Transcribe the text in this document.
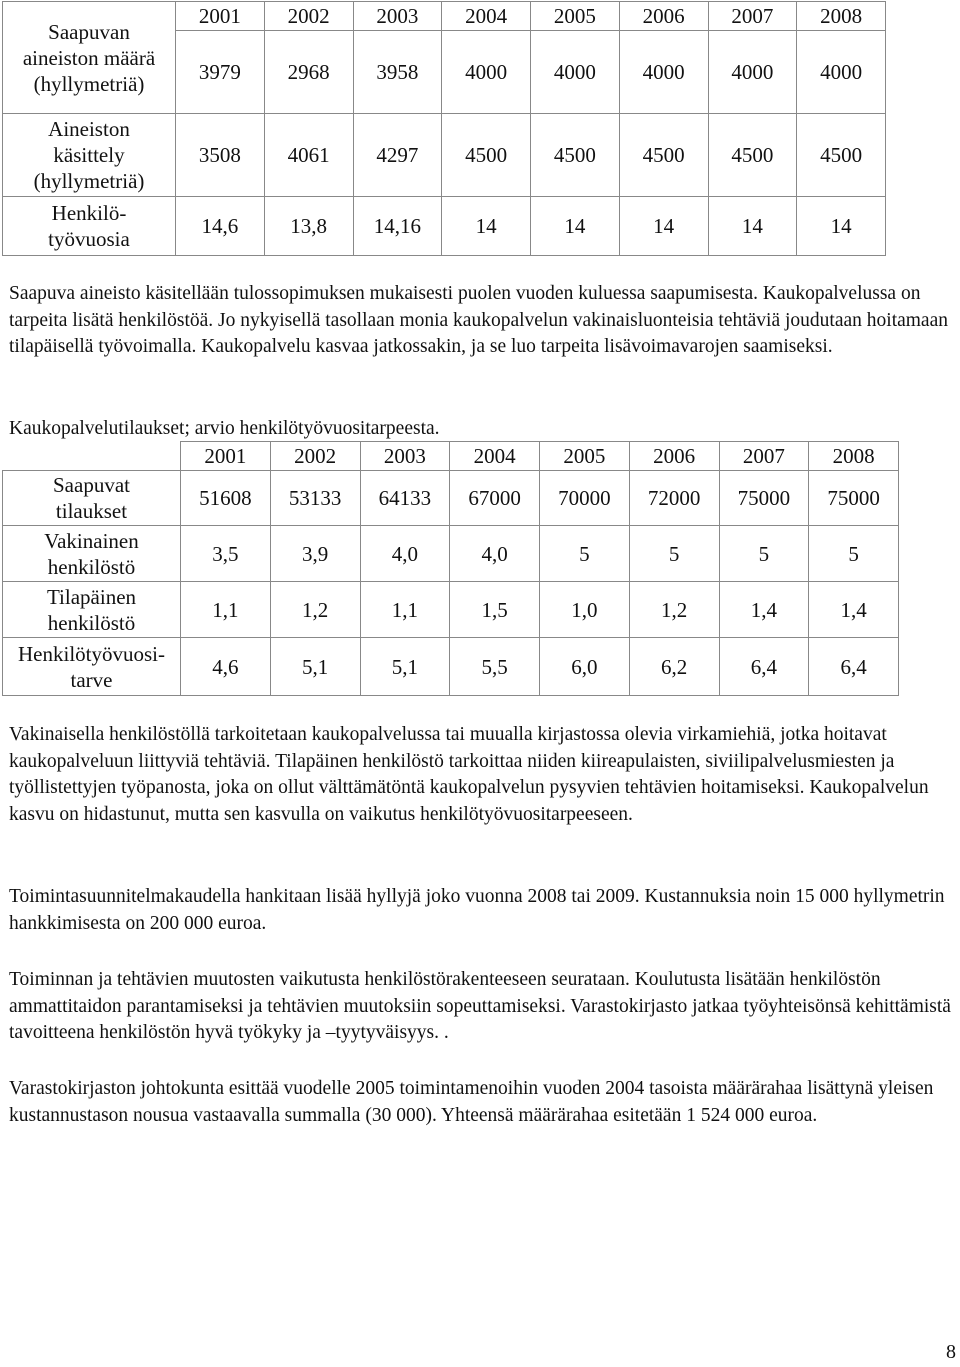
Saapuvan
aineiston määrä
(hyllymetriä)	2001	2002	2003	2004	2005	2006	2007	2008
	3979	2968	3958	4000	4000	4000	4000	4000
Aineiston
käsittely
(hyllymetriä)	3508	4061	4297	4500	4500	4500	4500	4500
Henkilö-
työvuosia	14,6	13,8	14,16	14	14	14	14	14

Saapuva aineisto käsitellään tulossopimuksen mukaisesti puolen vuoden kuluessa saapumisesta. Kaukopalvelussa on tarpeita lisätä henkilöstöä. Jo nykyisellä tasollaan monia kaukopalvelun vakinaisluonteisia tehtäviä joudutaan hoitamaan tilapäisellä työvoimalla. Kaukopalvelu kasvaa jatkossakin, ja se luo tarpeita lisävoimavarojen saamiseksi.

Kaukopalvelutilaukset; arvio henkilötyövuositarpeesta.

	2001	2002	2003	2004	2005	2006	2007	2008
Saapuvat
tilaukset	51608	53133	64133	67000	70000	72000	75000	75000
Vakinainen
henkilöstö	3,5	3,9	4,0	4,0	5	5	5	5
Tilapäinen
henkilöstö	1,1	1,2	1,1	1,5	1,0	1,2	1,4	1,4
Henkilötyövuosi-
tarve	4,6	5,1	5,1	5,5	6,0	6,2	6,4	6,4

Vakinaisella henkilöstöllä tarkoitetaan kaukopalvelussa tai muualla kirjastossa olevia virkamiehiä, jotka hoitavat kaukopalveluun liittyviä tehtäviä. Tilapäinen henkilöstö tarkoittaa niiden kiireapulaisten, siviilipalvelusmiesten ja työllistettyjen työpanosta, joka on ollut välttämätöntä kaukopalvelun pysyvien tehtävien hoitamiseksi. Kaukopalvelun kasvu on hidastunut, mutta sen kasvulla on vaikutus henkilötyövuositarpeeseen.

Toimintasuunnitelmakaudella hankitaan lisää hyllyjä joko vuonna 2008 tai 2009. Kustannuksia noin 15 000 hyllymetrin hankkimisesta on 200 000 euroa.

Toiminnan ja tehtävien muutosten vaikutusta henkilöstörakenteeseen seurataan. Koulutusta lisätään henkilöstön ammattitaidon parantamiseksi ja tehtävien muutoksiin sopeuttamiseksi. Varastokirjasto jatkaa työyhteisönsä kehittämistä tavoitteena henkilöstön hyvä työkyky ja –tyytyväisyys. .

Varastokirjaston johtokunta esittää vuodelle 2005 toimintamenoihin vuoden 2004 tasoista määrärahaa lisättynä yleisen kustannustason nousua vastaavalla summalla (30 000). Yhteensä määrärahaa esitetään 1 524 000 euroa.

8
